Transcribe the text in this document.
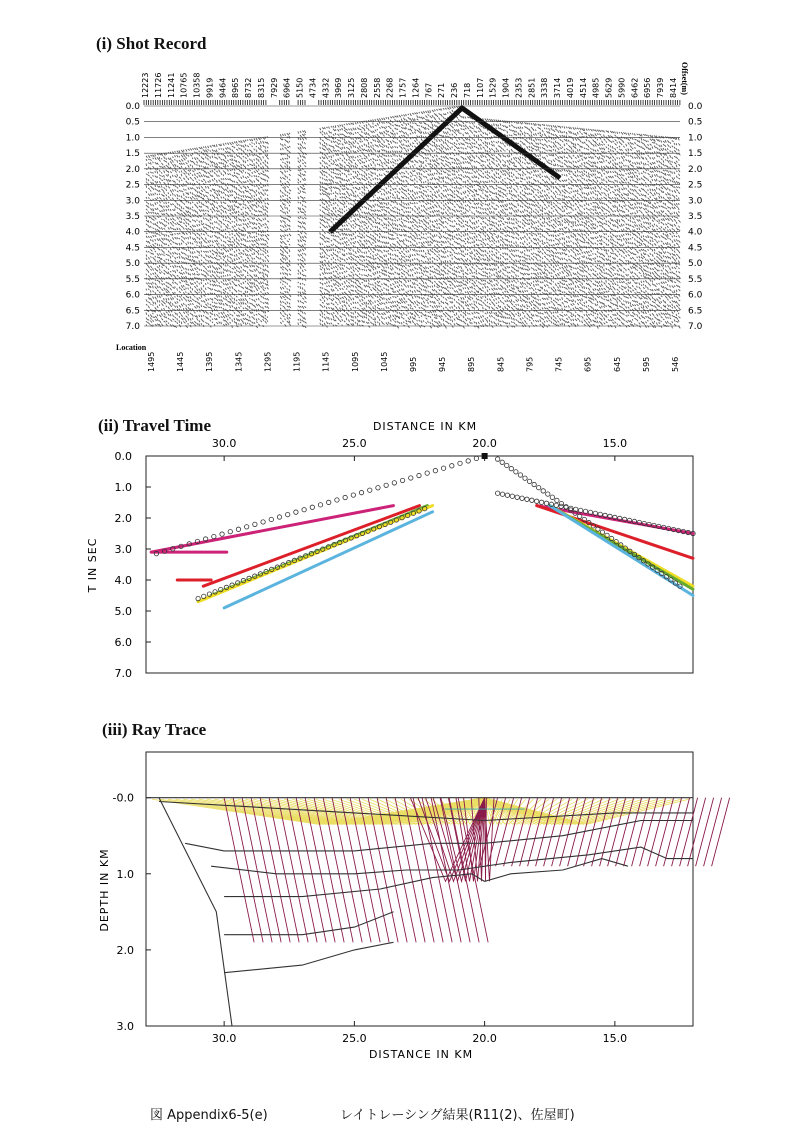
(i) Shot Record
(ii) Travel Time
(iii) Ray Trace
0.0	0.0
0.5	0.5
1.0	1.0
1.5	1.5
2.0	2.0
2.5	2.5
3.0	3.0
3.5	3.5
4.0	4.0
4.5	4.5
5.0	5.0
5.5	5.5
6.0	6.0
6.5	6.5
7.0	7.0
12223 11726 11241 10765 10358 9919 9464 8965 8732 8315 7929 6964 5150 4734 4332 3969 3125 2808 2558 2268 1757 1264 767 271 236 718 1107 1529 1904 2353 2851 3338 3714 4019 4514 4985 5629 5990 6462 6956 7939 8414
1495	1445	1395	1345	1295	1195	1145	1095	1045	995	945	895	845	795	745	695	645	595	546
Offset(m)
Location
DISTANCE IN KM
T IN SEC
30.0	25.0	20.0	15.0
0.0
1.0
2.0
3.0
4.0
5.0
6.0
7.0
DISTANCE IN KM
DEPTH IN KM
30.0	25.0	20.0	15.0
-0.0
1.0
2.0
3.0
図 Appendix6-5(e)	レイトレーシング結果(R11(2)、佐屋町)
